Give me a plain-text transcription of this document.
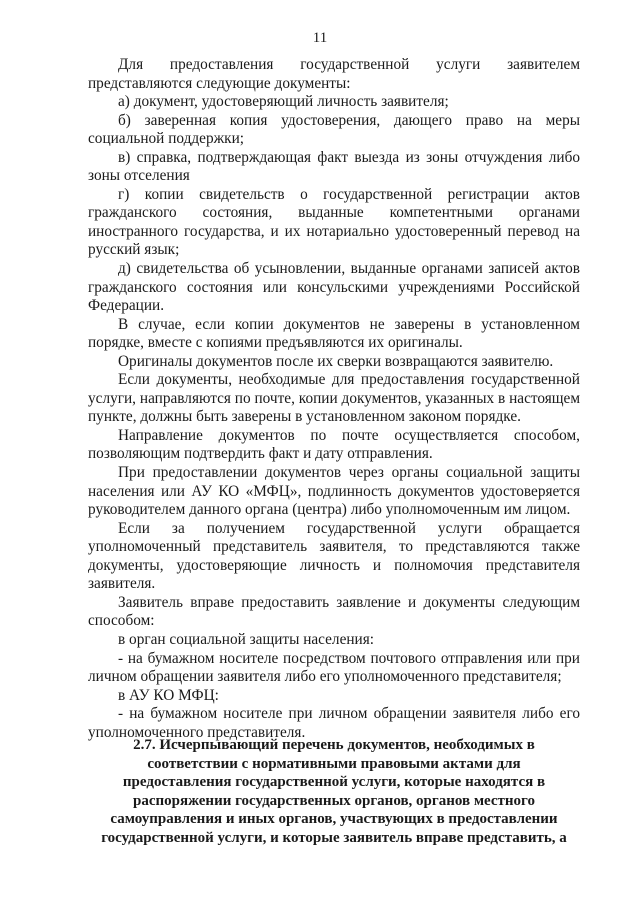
11

Для предоставления государственной услуги заявителем представляются следующие документы:

а) документ, удостоверяющий личность заявителя;

б) заверенная копия удостоверения, дающего право на меры социальной поддержки;

в) справка, подтверждающая факт выезда из зоны отчуждения либо зоны отселения

г) копии свидетельств о государственной регистрации актов гражданского состояния, выданные компетентными органами иностранного государства, и их нотариально удостоверенный перевод на русский язык;

д) свидетельства об усыновлении, выданные органами записей актов гражданского состояния или консульскими учреждениями Российской Федерации.

В случае, если копии документов не заверены в установленном порядке, вместе с копиями предъявляются их оригиналы.

Оригиналы документов после их сверки возвращаются заявителю.

Если документы, необходимые для предоставления государственной услуги, направляются по почте, копии документов, указанных в настоящем пункте, должны быть заверены в установленном законом порядке.

Направление документов по почте осуществляется способом, позволяющим подтвердить факт и дату отправления.

При предоставлении документов через органы социальной защиты населения или АУ КО «МФЦ», подлинность документов удостоверяется руководителем данного органа (центра) либо уполномоченным им лицом.

Если за получением государственной услуги обращается уполномоченный представитель заявителя, то представляются также документы, удостоверяющие личность и полномочия представителя заявителя.

Заявитель вправе предоставить заявление и документы следующим способом:

в орган социальной защиты населения:

- на бумажном носителе посредством почтового отправления или при личном обращении заявителя либо его уполномоченного представителя;

в АУ КО МФЦ:

- на бумажном носителе при личном обращении заявителя либо его уполномоченного представителя.

2.7. Исчерпывающий перечень документов, необходимых в
соответствии с нормативными правовыми актами для
предоставления государственной услуги, которые находятся в
распоряжении государственных органов, органов местного
самоуправления и иных органов, участвующих в предоставлении
государственной услуги, и которые заявитель вправе представить, а
